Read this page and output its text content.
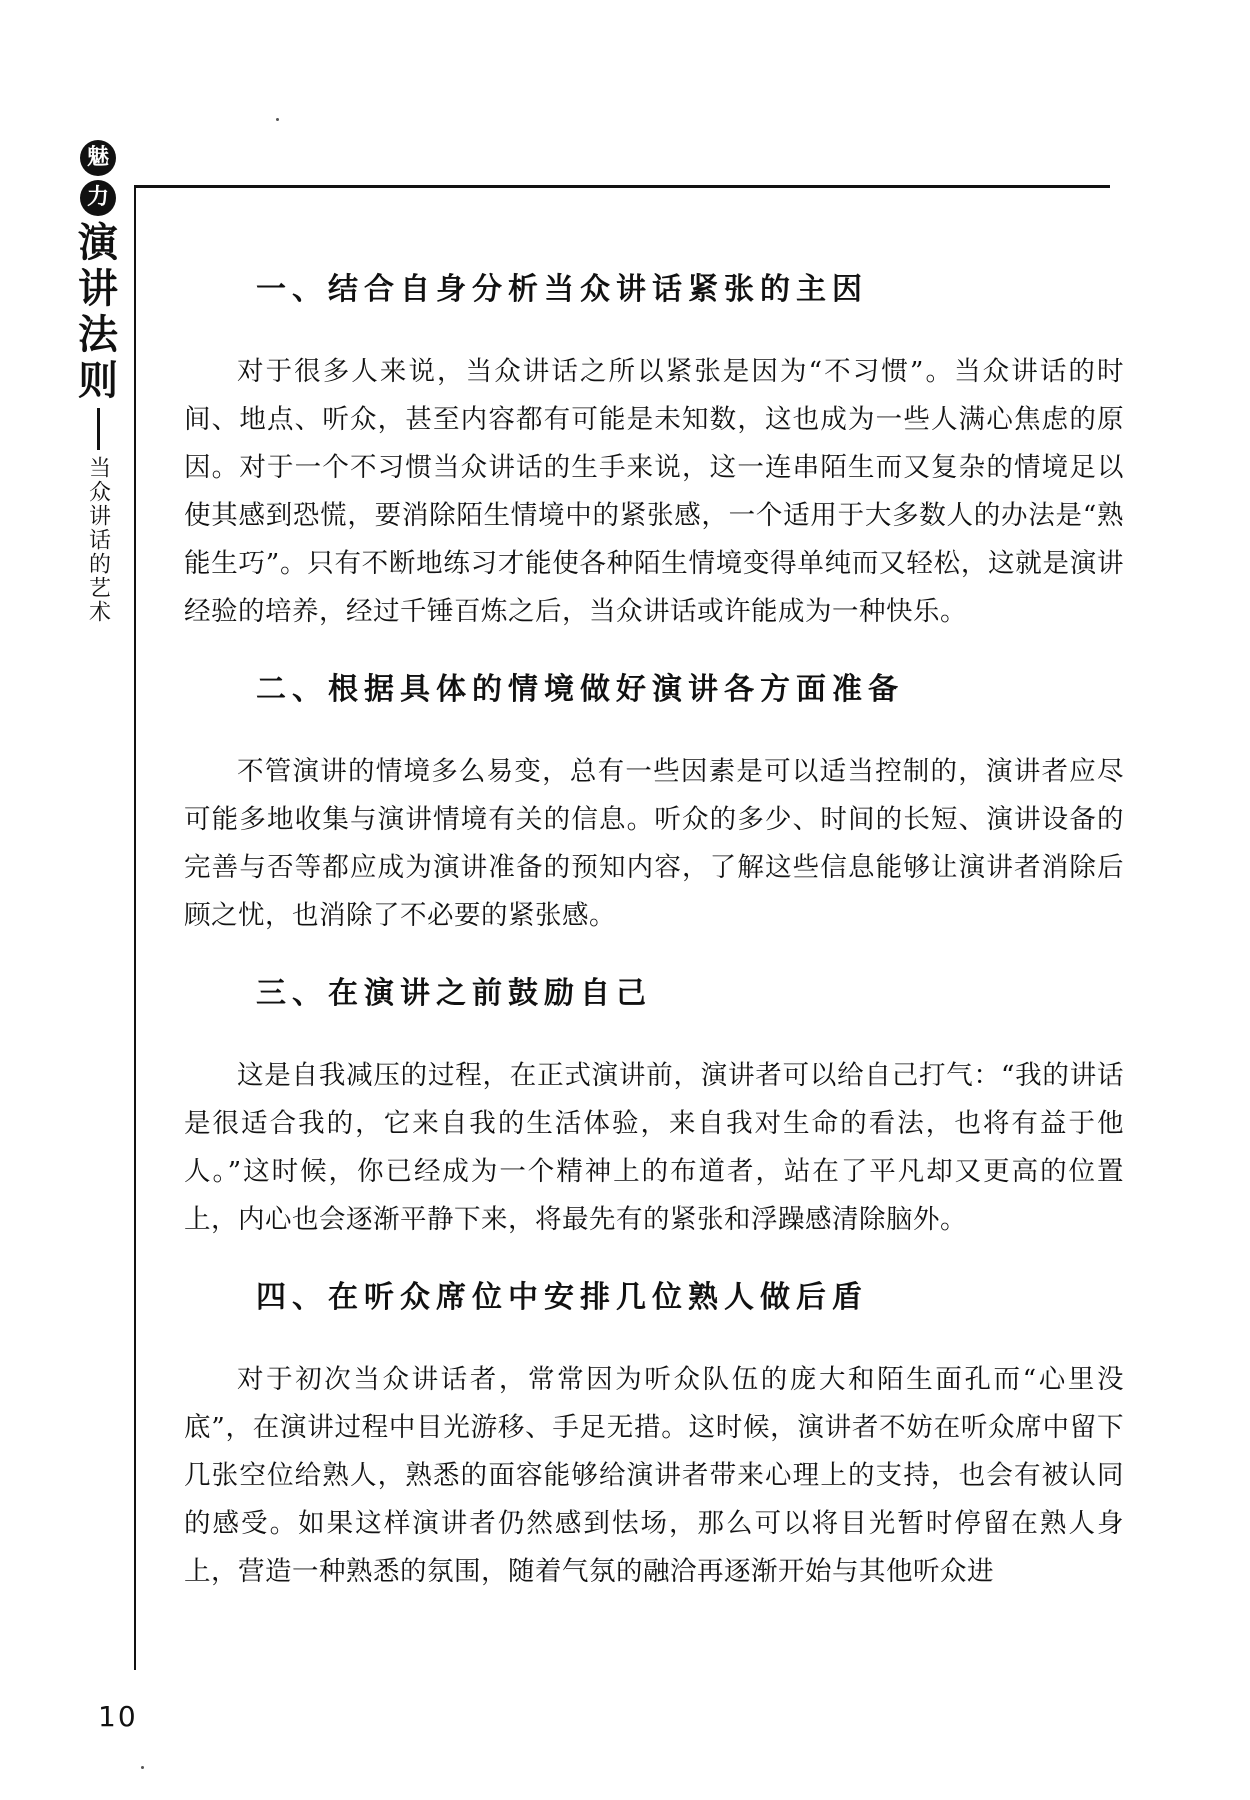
魅
力
演
讲
法
则
当众讲话的艺术
一、结合自身分析当众讲话紧张的主因

对于很多人来说，当众讲话之所以紧张是因为“不习惯”。当众讲话的时间、地点、听众，甚至内容都有可能是未知数，这也成为一些人满心焦虑的原因。对于一个不习惯当众讲话的生手来说，这一连串陌生而又复杂的情境足以使其感到恐慌，要消除陌生情境中的紧张感，一个适用于大多数人的办法是“熟能生巧”。只有不断地练习才能使各种陌生情境变得单纯而又轻松，这就是演讲经验的培养，经过千锤百炼之后，当众讲话或许能成为一种快乐。

二、根据具体的情境做好演讲各方面准备

不管演讲的情境多么易变，总有一些因素是可以适当控制的，演讲者应尽可能多地收集与演讲情境有关的信息。听众的多少、时间的长短、演讲设备的完善与否等都应成为演讲准备的预知内容，了解这些信息能够让演讲者消除后顾之忧，也消除了不必要的紧张感。

三、在演讲之前鼓励自己

这是自我减压的过程，在正式演讲前，演讲者可以给自己打气：“我的讲话是很适合我的，它来自我的生活体验，来自我对生命的看法，也将有益于他人。”这时候，你已经成为一个精神上的布道者，站在了平凡却又更高的位置上，内心也会逐渐平静下来，将最先有的紧张和浮躁感清除脑外。

四、在听众席位中安排几位熟人做后盾

对于初次当众讲话者，常常因为听众队伍的庞大和陌生面孔而“心里没底”，在演讲过程中目光游移、手足无措。这时候，演讲者不妨在听众席中留下几张空位给熟人，熟悉的面容能够给演讲者带来心理上的支持，也会有被认同的感受。如果这样演讲者仍然感到怯场，那么可以将目光暂时停留在熟人身上，营造一种熟悉的氛围，随着气氛的融洽再逐渐开始与其他听众进

10
